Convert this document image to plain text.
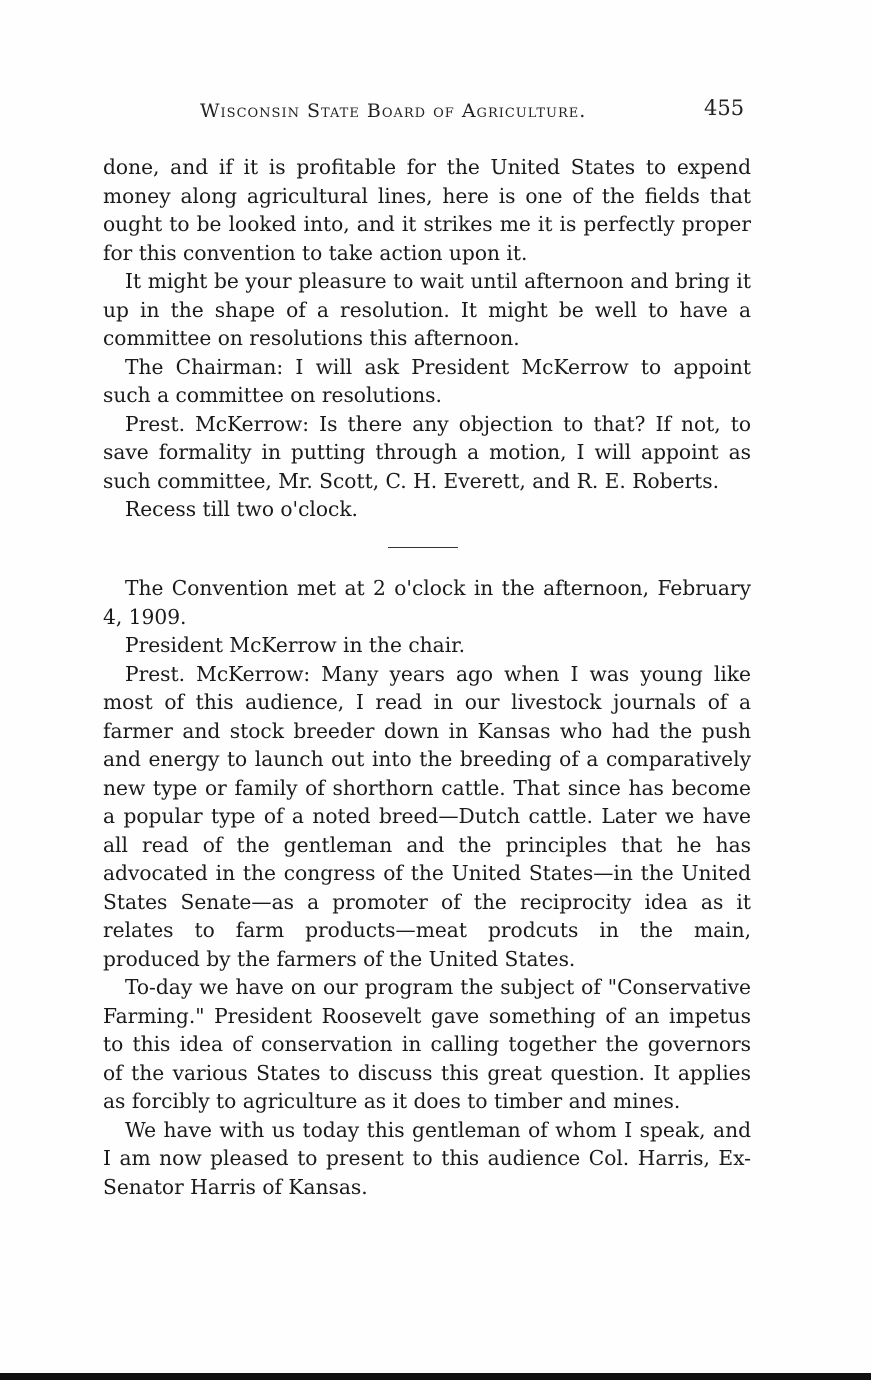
Wisconsin State Board of Agriculture.	455

done, and if it is profitable for the United States to expend money along agricultural lines, here is one of the fields that ought to be looked into, and it strikes me it is perfectly proper for this convention to take action upon it.

It might be your pleasure to wait until afternoon and bring it up in the shape of a resolution. It might be well to have a committee on resolutions this afternoon.

The Chairman: I will ask President McKerrow to appoint such a committee on resolutions.

Prest. McKerrow: Is there any objection to that? If not, to save formality in putting through a motion, I will appoint as such committee, Mr. Scott, C. H. Everett, and R. E. Roberts.

Recess till two o'clock.

The Convention met at 2 o'clock in the afternoon, February 4, 1909.

President McKerrow in the chair.

Prest. McKerrow: Many years ago when I was young like most of this audience, I read in our livestock journals of a farmer and stock breeder down in Kansas who had the push and energy to launch out into the breeding of a comparatively new type or family of shorthorn cattle. That since has become a popular type of a noted breed—Dutch cattle. Later we have all read of the gentleman and the principles that he has advocated in the congress of the United States—in the United States Senate—as a promoter of the reciprocity idea as it relates to farm products—meat prodcuts in the main, produced by the farmers of the United States.

To-day we have on our program the subject of "Conservative Farming." President Roosevelt gave something of an impetus to this idea of conservation in calling together the governors of the various States to discuss this great question. It applies as forcibly to agriculture as it does to timber and mines.

We have with us today this gentleman of whom I speak, and I am now pleased to present to this audience Col. Harris, Ex-Senator Harris of Kansas.
